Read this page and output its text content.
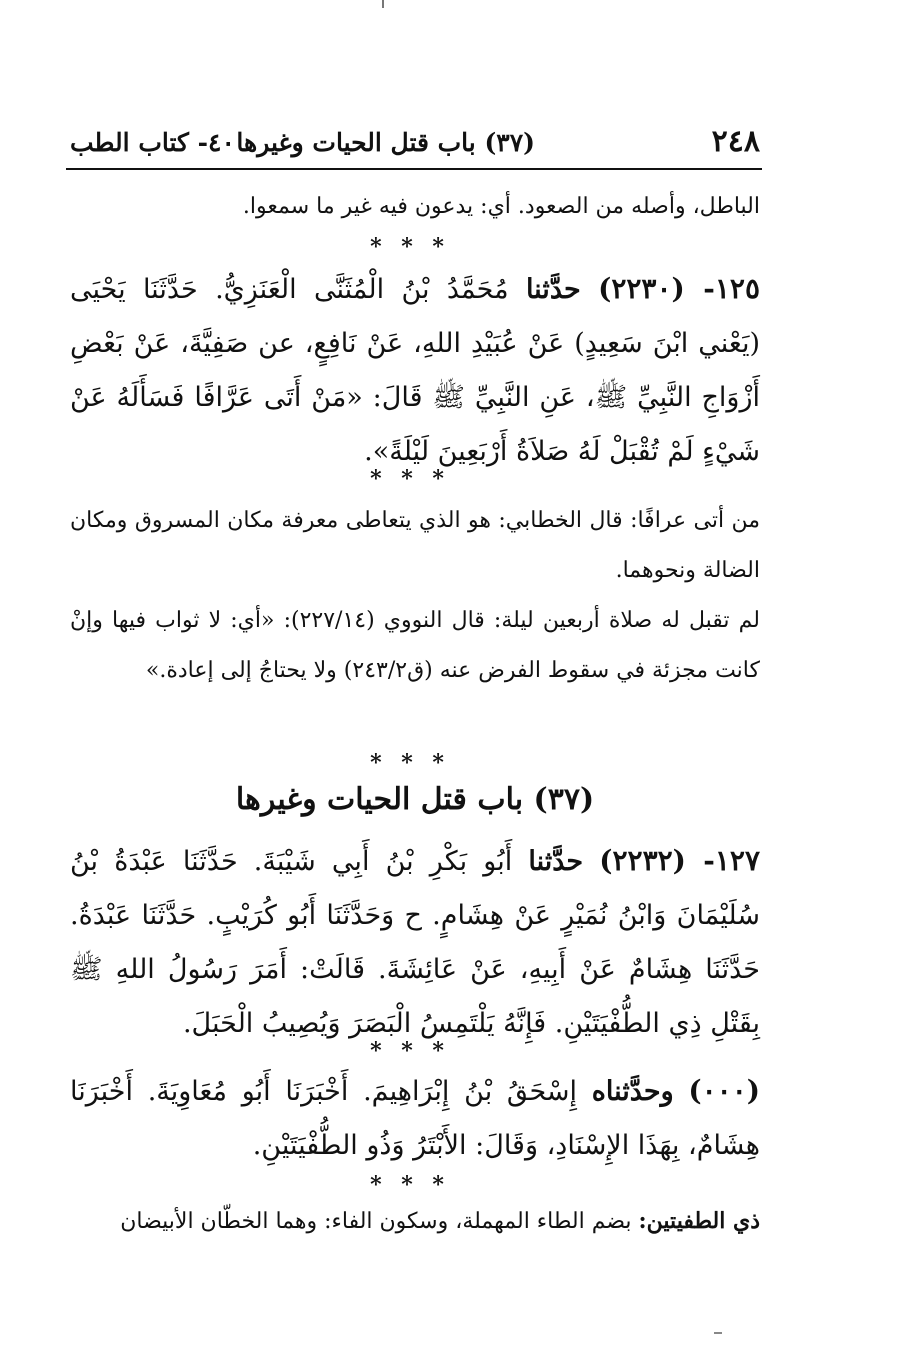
٢٤٨
(٣٧) باب قتل الحيات وغيرها
٤٠- كتاب الطب
الباطل، وأصله من الصعود. أي: يدعون فيه غير ما سمعوا.
* * *
١٢٥- (٢٢٣٠) حدَّثنا مُحَمَّدُ بْنُ الْمُثَنَّى الْعَنَزِيُّ. حَدَّثَنَا يَحْيَى (يَعْني ابْنَ سَعِيدٍ) عَنْ عُبَيْدِ اللهِ، عَنْ نَافِعٍ، عن صَفِيَّةَ، عَنْ بَعْضِ أَزْوَاجِ النَّبِيِّ ﷺ، عَنِ النَّبِيِّ ﷺ قَالَ: «مَنْ أَتَى عَرَّافًا فَسَأَلَهُ عَنْ شَيْءٍ لَمْ تُقْبَلْ لَهُ صَلاَةُ أَرْبَعِينَ لَيْلَةً».
* * *
من أتى عرافًا: قال الخطابي: هو الذي يتعاطى معرفة مكان المسروق ومكان الضالة ونحوهما.
لم تقبل له صلاة أربعين ليلة: قال النووي (٢٢٧/١٤): «أي: لا ثواب فيها وإنْ كانت مجزئة في سقوط الفرض عنه (ق٢٤٣/٢) ولا يحتاجُ إلى إعادة.»
* * *
(٣٧) باب قتل الحيات وغيرها
١٢٧- (٢٢٣٢) حدَّثنا أَبُو بَكْرِ بْنُ أَبِي شَيْبَةَ. حَدَّثَنَا عَبْدَةُ بْنُ سُلَيْمَانَ وَابْنُ نُمَيْرٍ عَنْ هِشَامٍ. ح وَحَدَّثَنَا أَبُو كُرَيْبٍ. حَدَّثَنَا عَبْدَةُ. حَدَّثَنَا هِشَامٌ عَنْ أَبِيهِ، عَنْ عَائِشَةَ. قَالَتْ: أَمَرَ رَسُولُ اللهِ ﷺ بِقَتْلِ ذِي الطُّفْيَتَيْنِ. فَإِنَّهُ يَلْتَمِسُ الْبَصَرَ وَيُصِيبُ الْحَبَلَ.
* * *
(٠٠٠) وحدَّثناه إِسْحَقُ بْنُ إِبْرَاهِيمَ. أَخْبَرَنَا أَبُو مُعَاوِيَةَ. أَخْبَرَنَا هِشَامٌ، بِهَذَا الإِسْنَادِ، وَقَالَ: الأَبْتَرُ وَذُو الطُّفْيَتَيْنِ.
* * *
ذي الطفيتين: بضم الطاء المهملة، وسكون الفاء: وهما الخطّان الأبيضان
